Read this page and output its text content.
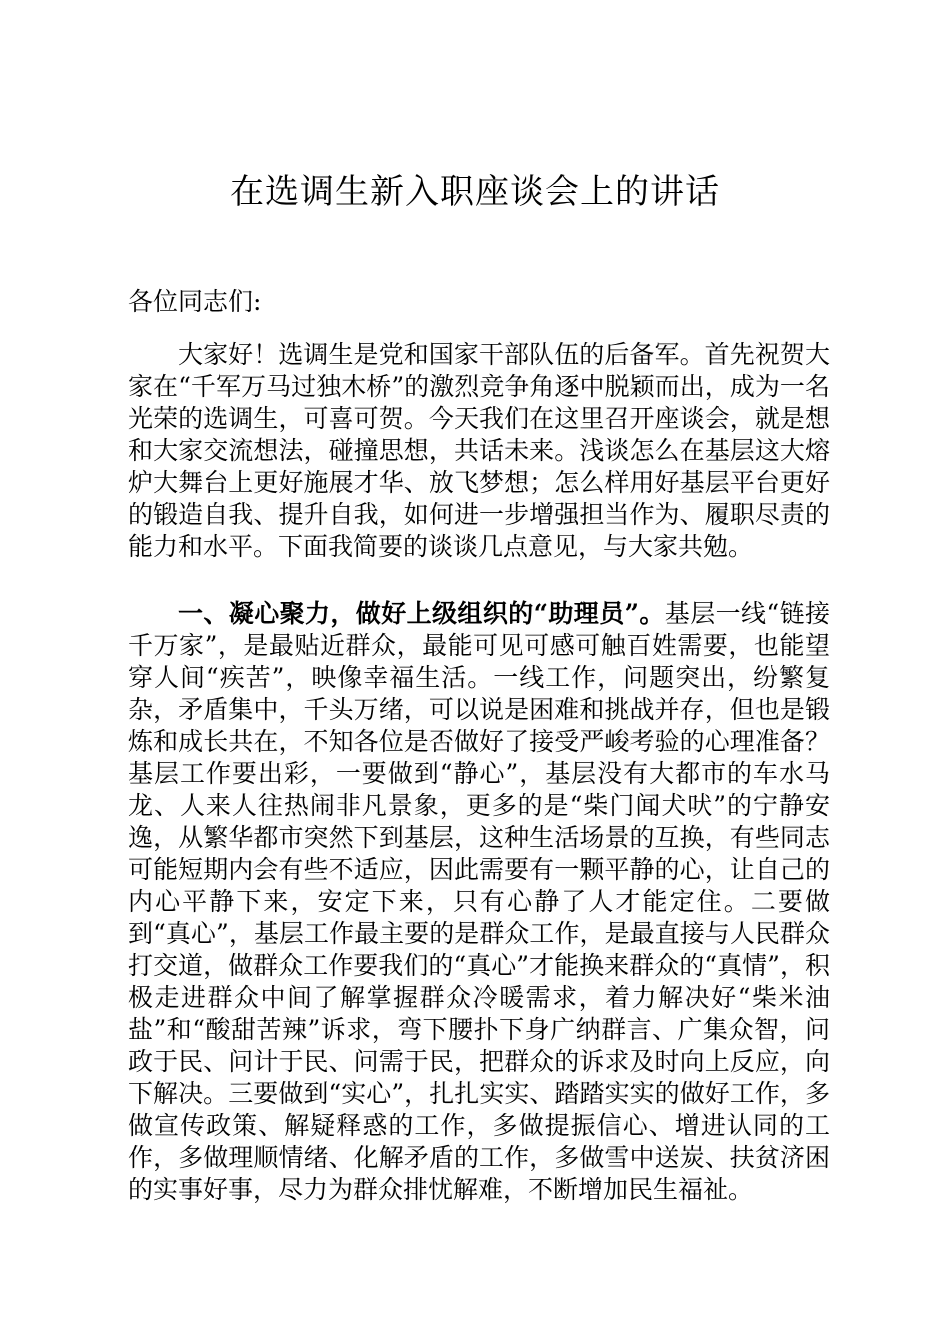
在选调生新入职座谈会上的讲话

各位同志们:

大家好！选调生是党和国家干部队伍的后备军。首先祝贺大家在“千军万马过独木桥”的激烈竞争角逐中脱颖而出，成为一名光荣的选调生，可喜可贺。今天我们在这里召开座谈会，就是想和大家交流想法，碰撞思想，共话未来。浅谈怎么在基层这大熔炉大舞台上更好施展才华、放飞梦想；怎么样用好基层平台更好的锻造自我、提升自我，如何进一步增强担当作为、履职尽责的能力和水平。下面我简要的谈谈几点意见，与大家共勉。

一、凝心聚力，做好上级组织的“助理员”。基层一线“链接千万家”，是最贴近群众，最能可见可感可触百姓需要，也能望穿人间“疾苦”，映像幸福生活。一线工作，问题突出，纷繁复杂，矛盾集中，千头万绪，可以说是困难和挑战并存，但也是锻炼和成长共在，不知各位是否做好了接受严峻考验的心理准备？基层工作要出彩，一要做到“静心”，基层没有大都市的车水马龙、人来人往热闹非凡景象，更多的是“柴门闻犬吠”的宁静安逸，从繁华都市突然下到基层，这种生活场景的互换，有些同志可能短期内会有些不适应，因此需要有一颗平静的心，让自己的内心平静下来，安定下来，只有心静了人才能定住。二要做到“真心”，基层工作最主要的是群众工作，是最直接与人民群众打交道，做群众工作要我们的“真心”才能换来群众的“真情”，积极走进群众中间了解掌握群众冷暖需求，着力解决好“柴米油盐”和“酸甜苦辣”诉求，弯下腰扑下身广纳群言、广集众智，问政于民、问计于民、问需于民，把群众的诉求及时向上反应，向下解决。三要做到“实心”，扎扎实实、踏踏实实的做好工作，多做宣传政策、解疑释惑的工作，多做提振信心、增进认同的工作，多做理顺情绪、化解矛盾的工作，多做雪中送炭、扶贫济困的实事好事，尽力为群众排忧解难，不断增加民生福祉。
